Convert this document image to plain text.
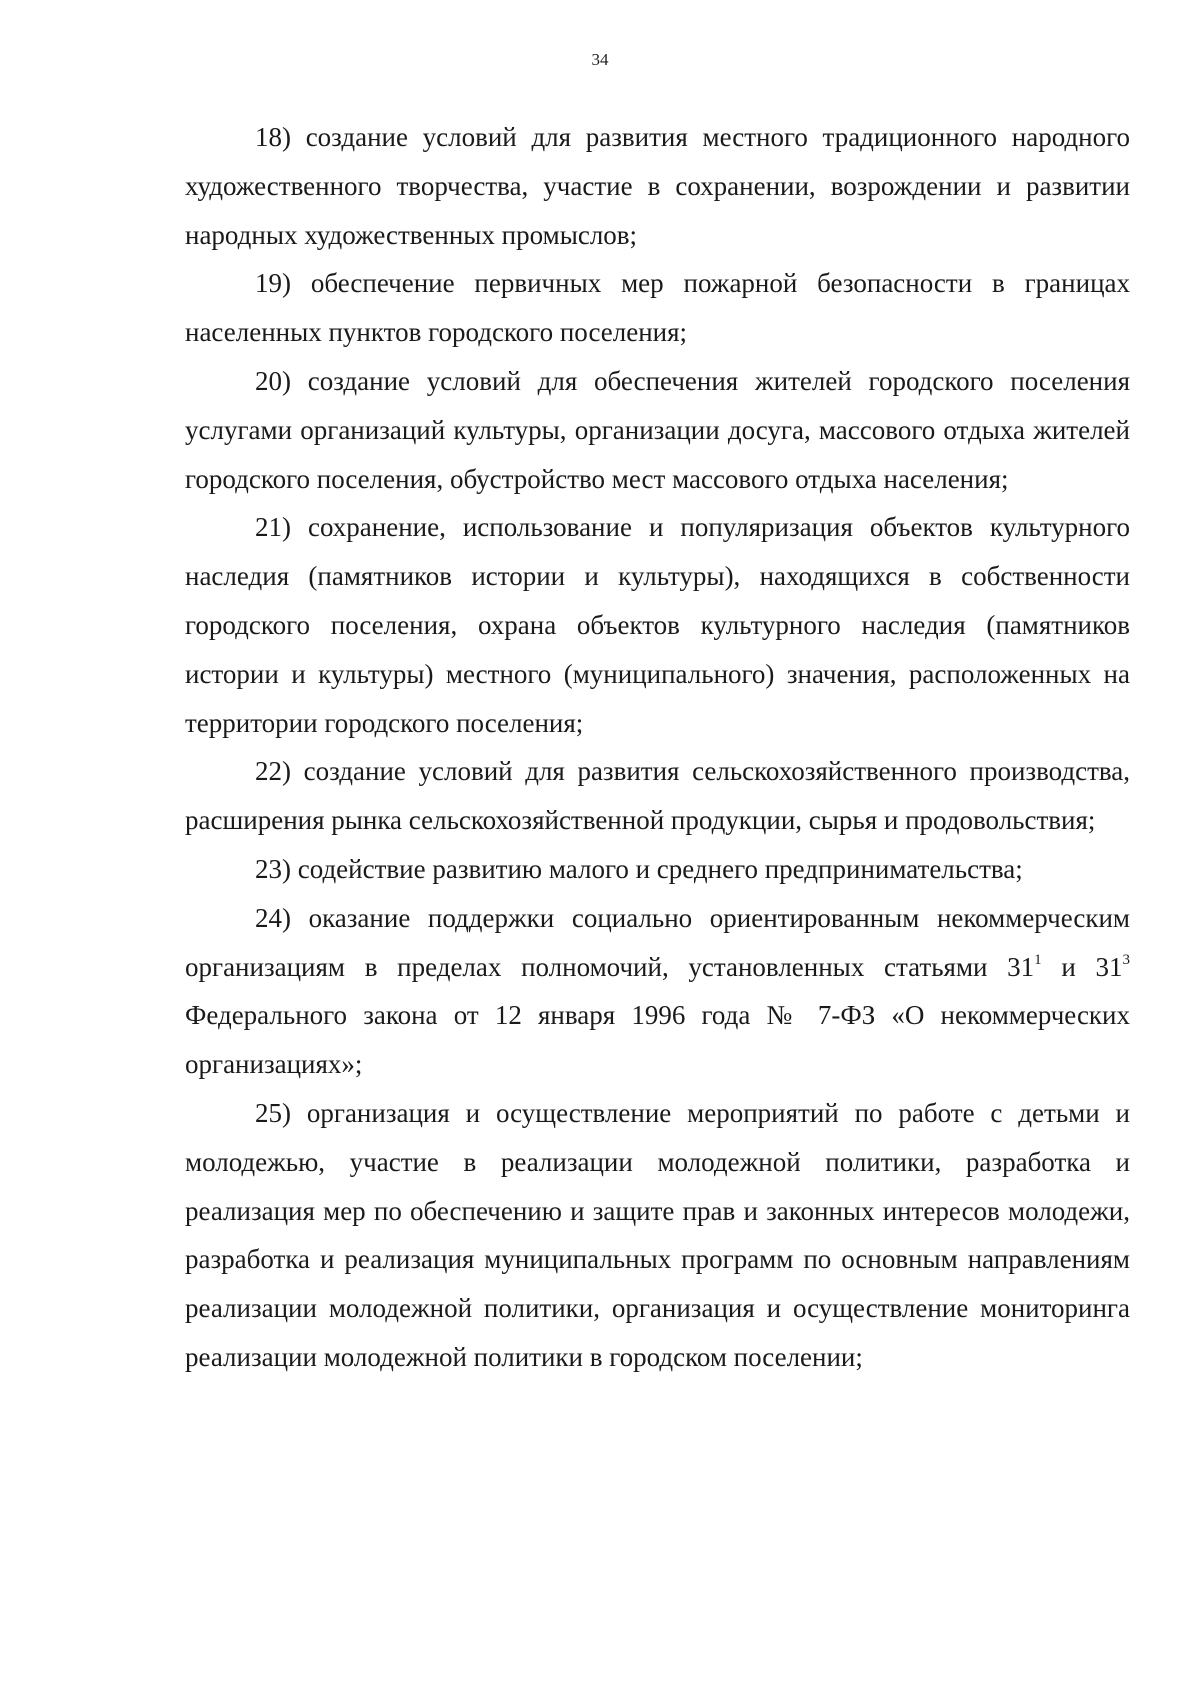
34

18) создание условий для развития местного традиционного народного художественного творчества, участие в сохранении, возрождении и развитии народных художественных промыслов;

19) обеспечение первичных мер пожарной безопасности в границах населенных пунктов городского поселения;

20) создание условий для обеспечения жителей городского поселения услугами организаций культуры, организации досуга, массового отдыха жителей городского поселения, обустройство мест массового отдыха населения;

21) сохранение, использование и популяризация объектов культурного наследия (памятников истории и культуры), находящихся в собственности городского поселения, охрана объектов культурного наследия (памятников истории и культуры) местного (муниципального) значения, расположенных на территории городского поселения;

22) создание условий для развития сельскохозяйственного производства, расширения рынка сельскохозяйственной продукции, сырья и продовольствия;

23) содействие развитию малого и среднего предпринимательства;

24) оказание поддержки социально ориентированным некоммерческим организациям в пределах полномочий, установленных статьями $31^1$ и $31^3$ Федерального закона от 12 января 1996 года № 7-ФЗ «О некоммерческих организациях»;

25) организация и осуществление мероприятий по работе с детьми и молодежью, участие в реализации молодежной политики, разработка и реализация мер по обеспечению и защите прав и законных интересов молодежи, разработка и реализация муниципальных программ по основным направлениям реализации молодежной политики, организация и осуществление мониторинга реализации молодежной политики в городском поселении;
